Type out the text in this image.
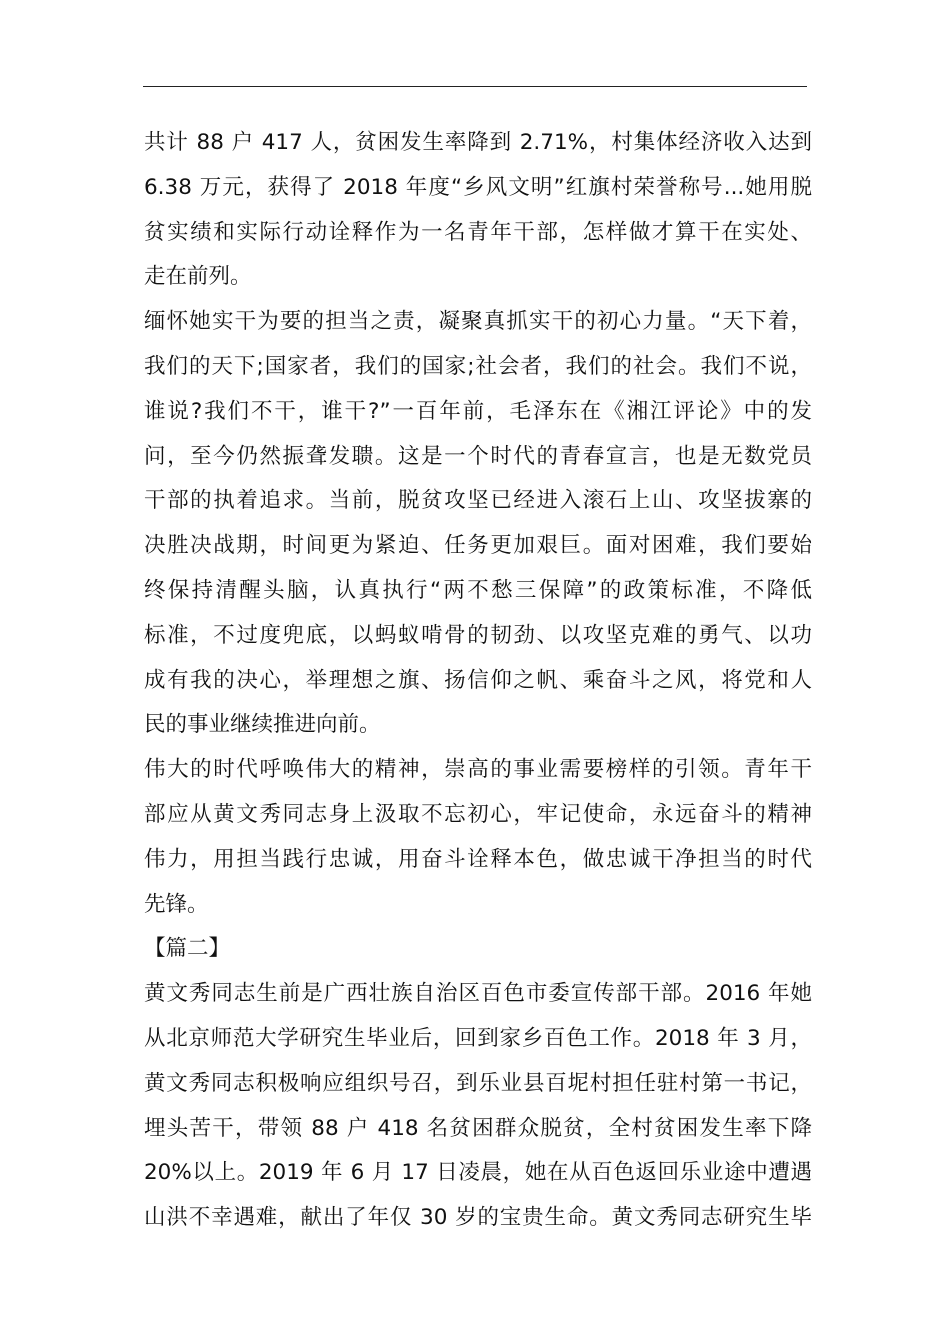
共计 88 户 417 人，贫困发生率降到 2.71%，村集体经济收入达到
6.38 万元，获得了 2018 年度“乡风文明”红旗村荣誉称号...她用脱
贫实绩和实际行动诠释作为一名青年干部，怎样做才算干在实处、
走在前列。
缅怀她实干为要的担当之责，凝聚真抓实干的初心力量。“天下着，
我们的天下;国家者，我们的国家;社会者，我们的社会。我们不说，
谁说?我们不干，谁干?”一百年前，毛泽东在《湘江评论》中的发
问，至今仍然振聋发聩。这是一个时代的青春宣言，也是无数党员
干部的执着追求。当前，脱贫攻坚已经进入滚石上山、攻坚拔寨的
决胜决战期，时间更为紧迫、任务更加艰巨。面对困难，我们要始
终保持清醒头脑，认真执行“两不愁三保障”的政策标准，不降低
标准，不过度兜底，以蚂蚁啃骨的韧劲、以攻坚克难的勇气、以功
成有我的决心，举理想之旗、扬信仰之帆、乘奋斗之风，将党和人
民的事业继续推进向前。
伟大的时代呼唤伟大的精神，崇高的事业需要榜样的引领。青年干
部应从黄文秀同志身上汲取不忘初心，牢记使命，永远奋斗的精神
伟力，用担当践行忠诚，用奋斗诠释本色，做忠诚干净担当的时代
先锋。
【篇二】
黄文秀同志生前是广西壮族自治区百色市委宣传部干部。2016 年她
从北京师范大学研究生毕业后，回到家乡百色工作。2018 年 3 月，
黄文秀同志积极响应组织号召，到乐业县百坭村担任驻村第一书记，
埋头苦干，带领 88 户 418 名贫困群众脱贫，全村贫困发生率下降
20%以上。2019 年 6 月 17 日凌晨，她在从百色返回乐业途中遭遇
山洪不幸遇难，献出了年仅 30 岁的宝贵生命。黄文秀同志研究生毕
